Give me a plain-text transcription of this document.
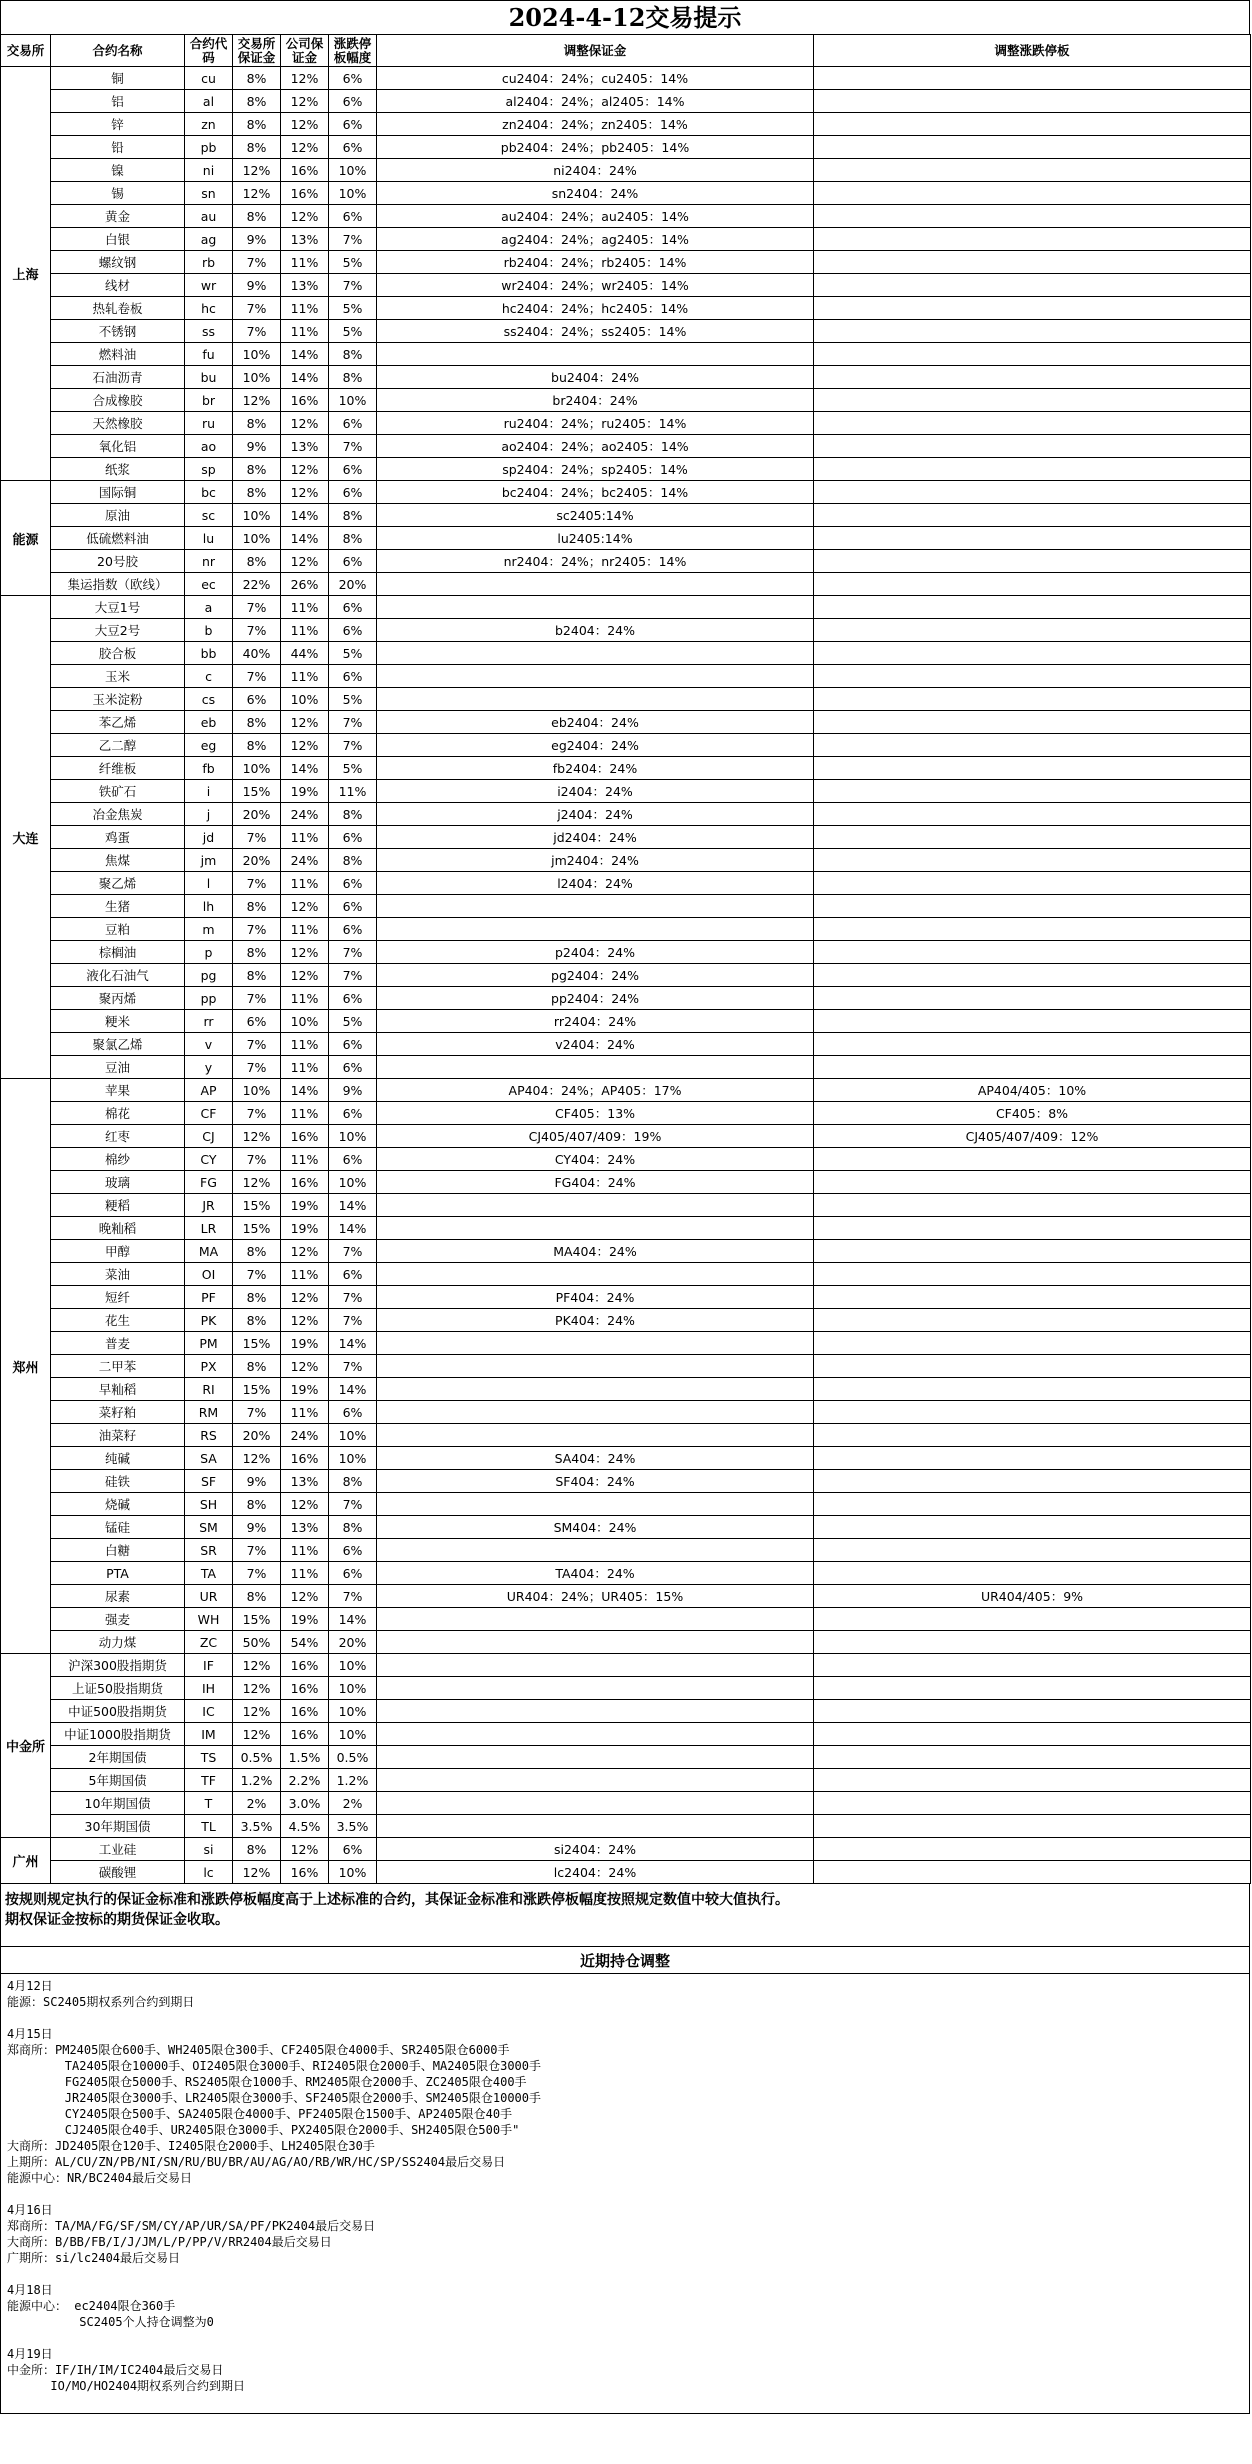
2024-4-12交易提示
交易所	合约名称	合约代码	交易所保证金	公司保证金	涨跌停板幅度	调整保证金	调整涨跌停板
上海	铜	cu	8%	12%	6%	cu2404：24%；cu2405：14%	
	铝	al	8%	12%	6%	al2404：24%；al2405：14%	
	锌	zn	8%	12%	6%	zn2404：24%；zn2405：14%	
	铅	pb	8%	12%	6%	pb2404：24%；pb2405：14%	
	镍	ni	12%	16%	10%	ni2404：24%	
	锡	sn	12%	16%	10%	sn2404：24%	
	黄金	au	8%	12%	6%	au2404：24%；au2405：14%	
	白银	ag	9%	13%	7%	ag2404：24%；ag2405：14%	
	螺纹钢	rb	7%	11%	5%	rb2404：24%；rb2405：14%	
	线材	wr	9%	13%	7%	wr2404：24%；wr2405：14%	
	热轧卷板	hc	7%	11%	5%	hc2404：24%；hc2405：14%	
	不锈钢	ss	7%	11%	5%	ss2404：24%；ss2405：14%	
	燃料油	fu	10%	14%	8%		
	石油沥青	bu	10%	14%	8%	bu2404：24%	
	合成橡胶	br	12%	16%	10%	br2404：24%	
	天然橡胶	ru	8%	12%	6%	ru2404：24%；ru2405：14%	
	氧化铝	ao	9%	13%	7%	ao2404：24%；ao2405：14%	
	纸浆	sp	8%	12%	6%	sp2404：24%；sp2405：14%	
能源	国际铜	bc	8%	12%	6%	bc2404：24%；bc2405：14%	
	原油	sc	10%	14%	8%	sc2405:14%	
	低硫燃料油	lu	10%	14%	8%	lu2405:14%	
	20号胶	nr	8%	12%	6%	nr2404：24%；nr2405：14%	
	集运指数（欧线）	ec	22%	26%	20%		
大连	大豆1号	a	7%	11%	6%		
	大豆2号	b	7%	11%	6%	b2404：24%	
	胶合板	bb	40%	44%	5%		
	玉米	c	7%	11%	6%		
	玉米淀粉	cs	6%	10%	5%		
	苯乙烯	eb	8%	12%	7%	eb2404：24%	
	乙二醇	eg	8%	12%	7%	eg2404：24%	
	纤维板	fb	10%	14%	5%	fb2404：24%	
	铁矿石	i	15%	19%	11%	i2404：24%	
	冶金焦炭	j	20%	24%	8%	j2404：24%	
	鸡蛋	jd	7%	11%	6%	jd2404：24%	
	焦煤	jm	20%	24%	8%	jm2404：24%	
	聚乙烯	l	7%	11%	6%	l2404：24%	
	生猪	lh	8%	12%	6%		
	豆粕	m	7%	11%	6%		
	棕榈油	p	8%	12%	7%	p2404：24%	
	液化石油气	pg	8%	12%	7%	pg2404：24%	
	聚丙烯	pp	7%	11%	6%	pp2404：24%	
	粳米	rr	6%	10%	5%	rr2404：24%	
	聚氯乙烯	v	7%	11%	6%	v2404：24%	
	豆油	y	7%	11%	6%		
郑州	苹果	AP	10%	14%	9%	AP404：24%；AP405：17%	AP404/405：10%
	棉花	CF	7%	11%	6%	CF405：13%	CF405：8%
	红枣	CJ	12%	16%	10%	CJ405/407/409：19%	CJ405/407/409：12%
	棉纱	CY	7%	11%	6%	CY404：24%	
	玻璃	FG	12%	16%	10%	FG404：24%	
	粳稻	JR	15%	19%	14%		
	晚籼稻	LR	15%	19%	14%		
	甲醇	MA	8%	12%	7%	MA404：24%	
	菜油	OI	7%	11%	6%		
	短纤	PF	8%	12%	7%	PF404：24%	
	花生	PK	8%	12%	7%	PK404：24%	
	普麦	PM	15%	19%	14%		
	二甲苯	PX	8%	12%	7%		
	早籼稻	RI	15%	19%	14%		
	菜籽粕	RM	7%	11%	6%		
	油菜籽	RS	20%	24%	10%		
	纯碱	SA	12%	16%	10%	SA404：24%	
	硅铁	SF	9%	13%	8%	SF404：24%	
	烧碱	SH	8%	12%	7%		
	锰硅	SM	9%	13%	8%	SM404：24%	
	白糖	SR	7%	11%	6%		
	PTA	TA	7%	11%	6%	TA404：24%	
	尿素	UR	8%	12%	7%	UR404：24%；UR405：15%	UR404/405：9%
	强麦	WH	15%	19%	14%		
	动力煤	ZC	50%	54%	20%		
中金所	沪深300股指期货	IF	12%	16%	10%		
	上证50股指期货	IH	12%	16%	10%		
	中证500股指期货	IC	12%	16%	10%		
	中证1000股指期货	IM	12%	16%	10%		
	2年期国债	TS	0.5%	1.5%	0.5%		
	5年期国债	TF	1.2%	2.2%	1.2%		
	10年期国债	T	2%	3.0%	2%		
	30年期国债	TL	3.5%	4.5%	3.5%		
广州	工业硅	si	8%	12%	6%	si2404：24%	
	碳酸锂	lc	12%	16%	10%	lc2404：24%	
按规则规定执行的保证金标准和涨跌停板幅度高于上述标准的合约，其保证金标准和涨跌停板幅度按照规定数值中较大值执行。
期权保证金按标的期货保证金收取。
近期持仓调整
4月12日
能源：SC2405期权系列合约到期日
4月15日
郑商所：PM2405限仓600手、WH2405限仓300手、CF2405限仓4000手、SR2405限仓6000手
TA2405限仓10000手、OI2405限仓3000手、RI2405限仓2000手、MA2405限仓3000手
FG2405限仓5000手、RS2405限仓1000手、RM2405限仓2000手、ZC2405限仓400手
JR2405限仓3000手、LR2405限仓3000手、SF2405限仓2000手、SM2405限仓10000手
CY2405限仓500手、SA2405限仓4000手、PF2405限仓1500手、AP2405限仓40手
CJ2405限仓40手、UR2405限仓3000手、PX2405限仓2000手、SH2405限仓500手"
大商所：JD2405限仓120手、I2405限仓2000手、LH2405限仓30手
上期所：AL/CU/ZN/PB/NI/SN/RU/BU/BR/AU/AG/AO/RB/WR/HC/SP/SS2404最后交易日
能源中心：NR/BC2404最后交易日
4月16日
郑商所：TA/MA/FG/SF/SM/CY/AP/UR/SA/PF/PK2404最后交易日
大商所：B/BB/FB/I/J/JM/L/P/PP/V/RR2404最后交易日
广期所：si/lc2404最后交易日
4月18日
能源中心： ec2404限仓360手
SC2405个人持仓调整为0
4月19日
中金所：IF/IH/IM/IC2404最后交易日
IO/MO/HO2404期权系列合约到期日
